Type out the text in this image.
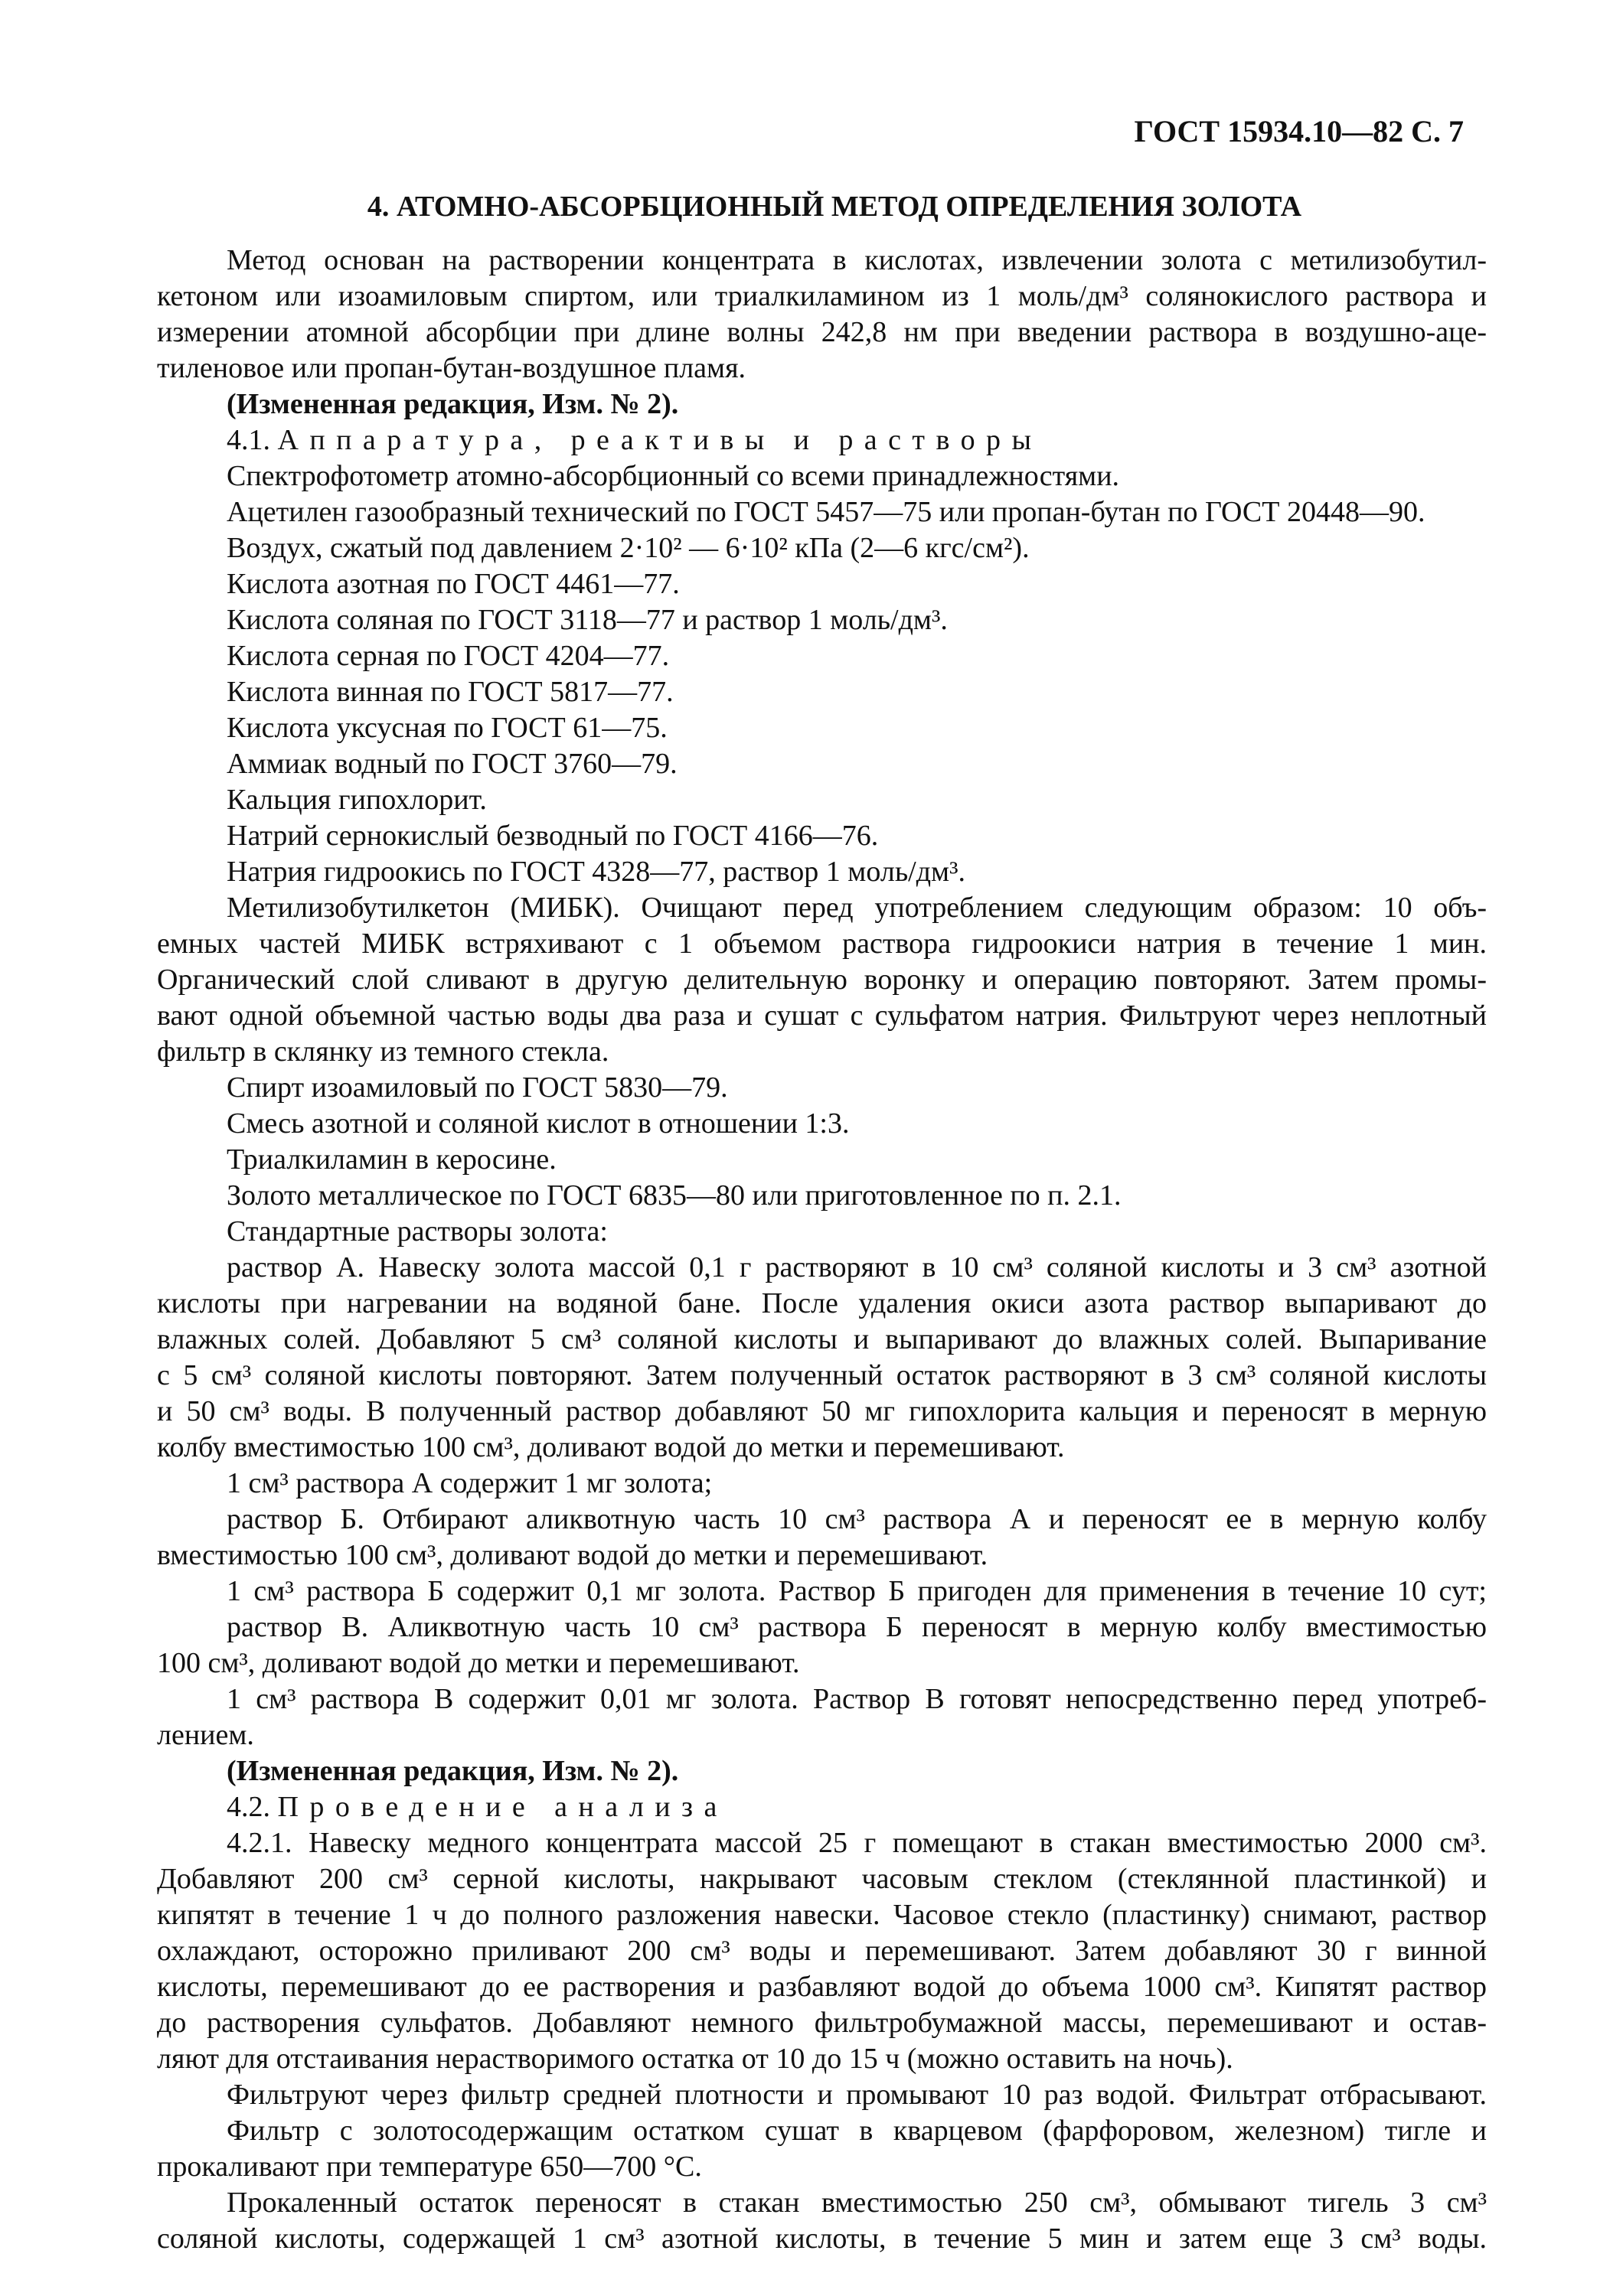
ГОСТ 15934.10—82 С. 7
4. АТОМНО-АБСОРБЦИОННЫЙ МЕТОД ОПРЕДЕЛЕНИЯ ЗОЛОТА
Метод основан на растворении концентрата в кислотах, извлечении золота с метилизобутил-
кетоном или изоамиловым спиртом, или триалкиламином из 1 моль/дм³ солянокислого раствора и
измерении атомной абсорбции при длине волны 242,8 нм при введении раствора в воздушно-аце-
тиленовое или пропан-бутан-воздушное пламя.
(Измененная редакция, Изм. № 2).
4.1. Аппаратура, реактивы и растворы
Спектрофотометр атомно-абсорбционный со всеми принадлежностями.
Ацетилен газообразный технический по ГОСТ 5457—75 или пропан-бутан по ГОСТ 20448—90.
Воздух, сжатый под давлением 2·10² — 6·10² кПа (2—6 кгс/см²).
Кислота азотная по ГОСТ 4461—77.
Кислота соляная по ГОСТ 3118—77 и раствор 1 моль/дм³.
Кислота серная по ГОСТ 4204—77.
Кислота винная по ГОСТ 5817—77.
Кислота уксусная по ГОСТ 61—75.
Аммиак водный по ГОСТ 3760—79.
Кальция гипохлорит.
Натрий сернокислый безводный по ГОСТ 4166—76.
Натрия гидроокись по ГОСТ 4328—77, раствор 1 моль/дм³.
Метилизобутилкетон (МИБК). Очищают перед употреблением следующим образом: 10 объ-
емных частей МИБК встряхивают с 1 объемом раствора гидроокиси натрия в течение 1 мин.
Органический слой сливают в другую делительную воронку и операцию повторяют. Затем промы-
вают одной объемной частью воды два раза и сушат с сульфатом натрия. Фильтруют через неплотный
фильтр в склянку из темного стекла.
Спирт изоамиловый по ГОСТ 5830—79.
Смесь азотной и соляной кислот в отношении 1:3.
Триалкиламин в керосине.
Золото металлическое по ГОСТ 6835—80 или приготовленное по п. 2.1.
Стандартные растворы золота:
раствор А. Навеску золота массой 0,1 г растворяют в 10 см³ соляной кислоты и 3 см³ азотной
кислоты при нагревании на водяной бане. После удаления окиси азота раствор выпаривают до
влажных солей. Добавляют 5 см³ соляной кислоты и выпаривают до влажных солей. Выпаривание
с 5 см³ соляной кислоты повторяют. Затем полученный остаток растворяют в 3 см³ соляной кислоты
и 50 см³ воды. В полученный раствор добавляют 50 мг гипохлорита кальция и переносят в мерную
колбу вместимостью 100 см³, доливают водой до метки и перемешивают.
1 см³ раствора А содержит 1 мг золота;
раствор Б. Отбирают аликвотную часть 10 см³ раствора А и переносят ее в мерную колбу
вместимостью 100 см³, доливают водой до метки и перемешивают.
1 см³ раствора Б содержит 0,1 мг золота. Раствор Б пригоден для применения в течение 10 сут;
раствор В. Аликвотную часть 10 см³ раствора Б переносят в мерную колбу вместимостью
100 см³, доливают водой до метки и перемешивают.
1 см³ раствора В содержит 0,01 мг золота. Раствор В готовят непосредственно перед употреб-
лением.
(Измененная редакция, Изм. № 2).
4.2. Проведение анализа
4.2.1. Навеску медного концентрата массой 25 г помещают в стакан вместимостью 2000 см³.
Добавляют 200 см³ серной кислоты, накрывают часовым стеклом (стеклянной пластинкой) и
кипятят в течение 1 ч до полного разложения навески. Часовое стекло (пластинку) снимают, раствор
охлаждают, осторожно приливают 200 см³ воды и перемешивают. Затем добавляют 30 г винной
кислоты, перемешивают до ее растворения и разбавляют водой до объема 1000 см³. Кипятят раствор
до растворения сульфатов. Добавляют немного фильтробумажной массы, перемешивают и остав-
ляют для отстаивания нерастворимого остатка от 10 до 15 ч (можно оставить на ночь).
Фильтруют через фильтр средней плотности и промывают 10 раз водой. Фильтрат отбрасывают.
Фильтр с золотосодержащим остатком сушат в кварцевом (фарфоровом, железном) тигле и
прокаливают при температуре 650—700 °С.
Прокаленный остаток переносят в стакан вместимостью 250 см³, обмывают тигель 3 см³
соляной кислоты, содержащей 1 см³ азотной кислоты, в течение 5 мин и затем еще 3 см³ воды.
